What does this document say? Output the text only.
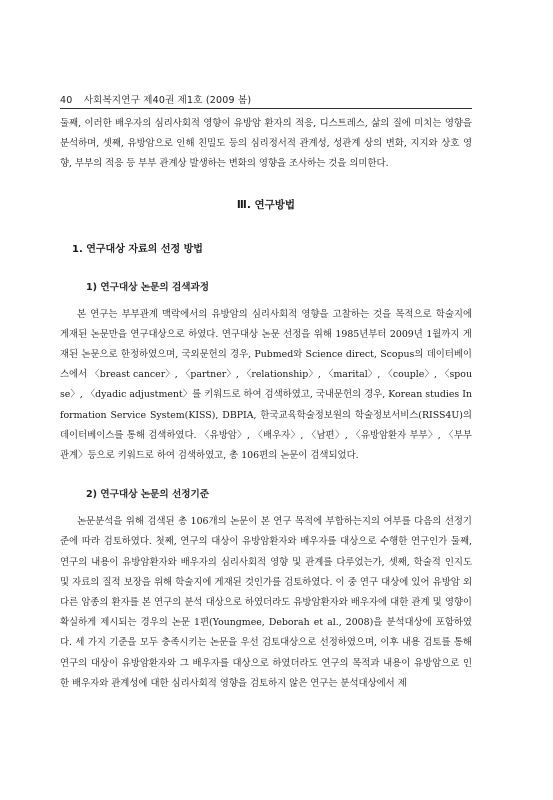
40 사회복지연구 제40권 제1호 (2009 봄)

둘째, 이러한 배우자의 심리사회적 영향이 유방암 환자의 적응, 디스트레스, 삶의 질에 미치는 영향을 분석하며, 셋째, 유방암으로 인해 친밀도 등의 심리정서적 관계성, 성관계 상의 변화, 지지와 상호 영향, 부부의 적응 등 부부 관계상 발생하는 변화의 영향을 조사하는 것을 의미한다.

Ⅲ. 연구방법
1. 연구대상 자료의 선정 방법
1) 연구대상 논문의 검색과정

본 연구는 부부관계 맥락에서의 유방암의 심리사회적 영향을 고찰하는 것을 목적으로 학술지에 게재된 논문만을 연구대상으로 하였다. 연구대상 논문 선정을 위해 1985년부터 2009년 1월까지 게재된 논문으로 한정하였으며, 국외문헌의 경우, Pubmed와 Science direct, Scopus의 데이터베이스에서 〈breast cancer〉, 〈partner〉, 〈relationship〉, 〈marital〉, 〈couple〉, 〈spouse〉, 〈dyadic adjustment〉를 키워드로 하여 검색하였고, 국내문헌의 경우, Korean studies Information Service System(KISS), DBPIA, 한국교육학술정보원의 학술정보서비스(RISS4U)의 데이터베이스를 통해 검색하였다. 〈유방암〉, 〈배우자〉, 〈남편〉, 〈유방암환자 부부〉, 〈부부 관계〉등으로 키워드로 하여 검색하였고, 총 106편의 논문이 검색되었다.

2) 연구대상 논문의 선정기준

논문분석을 위해 검색된 총 106개의 논문이 본 연구 목적에 부합하는지의 여부를 다음의 선정기준에 따라 검토하였다. 첫째, 연구의 대상이 유방암환자와 배우자를 대상으로 수행한 연구인가 둘째, 연구의 내용이 유방암환자와 배우자의 심리사회적 영향 및 관계를 다루었는가, 셋째, 학술적 인지도 및 자료의 질적 보장을 위해 학술지에 게재된 것인가를 검토하였다. 이 중 연구 대상에 있어 유방암 외 다른 암종의 환자를 본 연구의 분석 대상으로 하였더라도 유방암환자와 배우자에 대한 관계 및 영향이 확실하게 제시되는 경우의 논문 1편(Youngmee, Deborah et al., 2008)을 분석대상에 포함하였다. 세 가지 기준을 모두 충족시키는 논문을 우선 검토대상으로 선정하였으며, 이후 내용 검토를 통해 연구의 대상이 유방암환자와 그 배우자를 대상으로 하였더라도 연구의 목적과 내용이 유방암으로 인한 배우자와 관계성에 대한 심리사회적 영향을 검토하지 않은 연구는 분석대상에서 제
